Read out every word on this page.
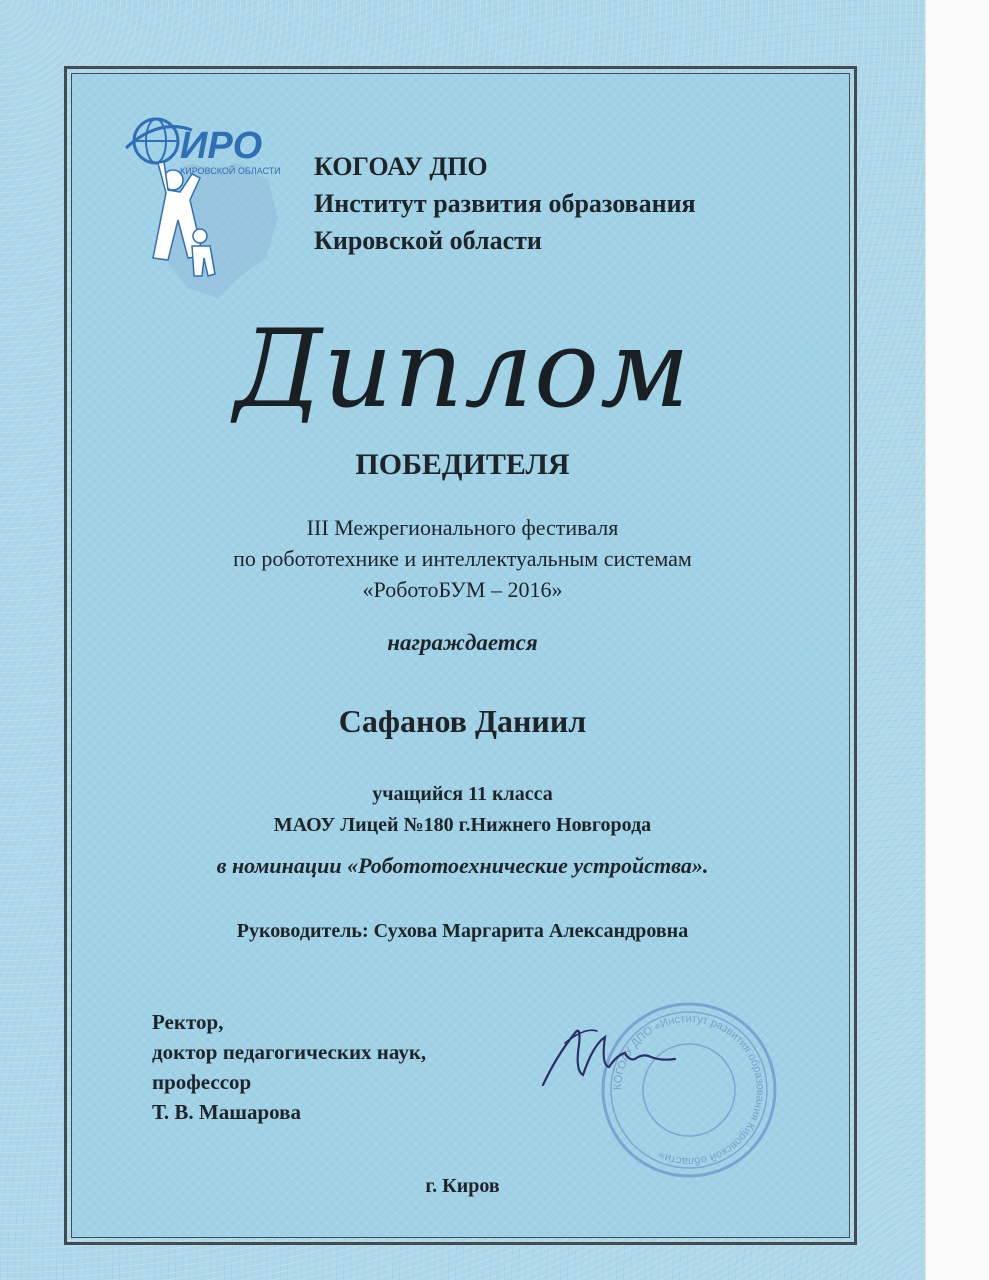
ИРО
КИРОВСКОЙ ОБЛАСТИ КОГОАУ ДПО
Институт развития образования
Кировской области
Диплом
ПОБЕДИТЕЛЯ
III Межрегионального фестиваля
по робототехнике и интеллектуальным системам
«РоботоБУМ – 2016»
награждается
Сафанов Даниил
учащийся 11 класса
МАОУ Лицей №180 г.Нижнего Новгорода
в номинации «Робототоехнические устройства».
Руководитель: Сухова Маргарита Александровна
Ректор,
доктор педагогических наук,
профессор
Т. В. Машарова
КОГОАУ ДПО «Институт развития образования Кировской области»
г. Киров
